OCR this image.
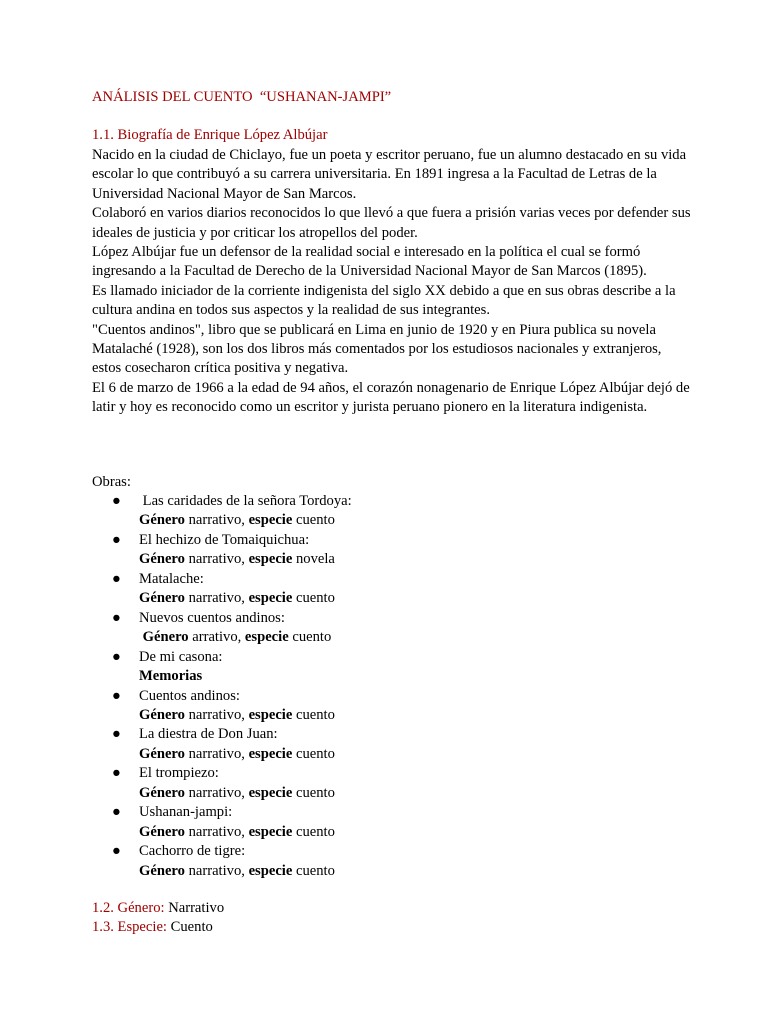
ANÁLISIS DEL CUENTO  “USHANAN-JAMPI”
1.1. Biografía de Enrique López Albújar

Nacido en la ciudad de Chiclayo, fue un poeta y escritor peruano, fue un alumno destacado en su vida escolar lo que contribuyó a su carrera universitaria. En 1891 ingresa a la Facultad de Letras de la Universidad Nacional Mayor de San Marcos.

Colaboró en varios diarios reconocidos lo que llevó a que fuera a prisión varias veces por defender sus ideales de justicia y por criticar los atropellos del poder.

López Albújar fue un defensor de la realidad social e interesado en la política el cual se formó ingresando a la Facultad de Derecho de la Universidad Nacional Mayor de San Marcos (1895).

Es llamado iniciador de la corriente indigenista del siglo XX debido a que en sus obras describe a la cultura andina en todos sus aspectos y la realidad de sus integrantes.

"Cuentos andinos", libro que se publicará en Lima en junio de 1920 y en Piura publica su novela Matalaché (1928), son los dos libros más comentados por los estudiosos nacionales y extranjeros, estos cosecharon crítica positiva y negativa.

El 6 de marzo de 1966 a la edad de 94 años, el corazón nonagenario de Enrique López Albújar dejó de latir y hoy es reconocido como un escritor y jurista peruano pionero en la literatura indigenista.

Obras:
● Las caridades de la señora Tordoya:
Género narrativo, especie cuento
● El hechizo de Tomaiquichua:
Género narrativo, especie novela
● Matalache:
Género narrativo, especie cuento
● Nuevos cuentos andinos:
Género arrativo, especie cuento
● De mi casona:
Memorias
● Cuentos andinos:
Género narrativo, especie cuento
● La diestra de Don Juan:
Género narrativo, especie cuento
● El trompiezo:
Género narrativo, especie cuento
● Ushanan-jampi:
Género narrativo, especie cuento
● Cachorro de tigre:
Género narrativo, especie cuento
1.2. Género: Narrativo
1.3. Especie: Cuento
